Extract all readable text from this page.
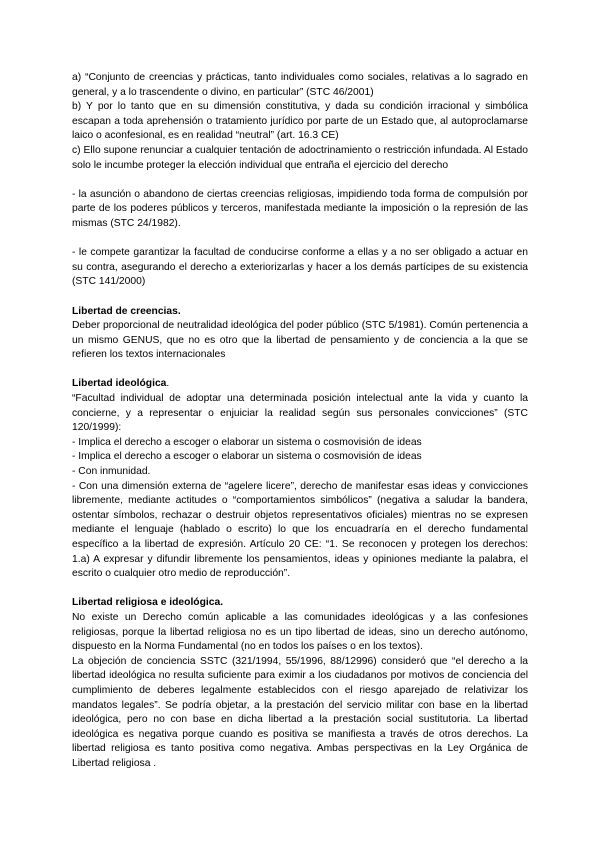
a) “Conjunto de creencias y prácticas, tanto individuales como sociales, relativas a lo sagrado en general, y a lo trascendente o divino, en particular” (STC 46/2001)

b) Y por lo tanto que en su dimensión constitutiva, y dada su condición irracional y simbólica escapan a toda aprehensión o tratamiento jurídico por parte de un Estado que, al autoproclamarse laico o aconfesional, es en realidad “neutral” (art. 16.3 CE)

c) Ello supone renunciar a cualquier tentación de adoctrinamiento o restricción infundada. Al Estado solo le incumbe proteger la elección individual que entraña el ejercicio del derecho

- la asunción o abandono de ciertas creencias religiosas, impidiendo toda forma de compulsión por parte de los poderes públicos y terceros, manifestada mediante la imposición o la represión de las mismas (STC 24/1982).

- le compete garantizar la facultad de conducirse conforme a ellas y a no ser obligado a actuar en su contra, asegurando el derecho a exteriorizarlas y hacer a los demás partícipes de su existencia (STC 141/2000)

Libertad de creencias.

Deber proporcional de neutralidad ideológica del poder público (STC 5/1981). Común pertenencia a un mismo GENUS, que no es otro que la libertad de pensamiento y de conciencia a la que se refieren los textos internacionales

Libertad ideológica.

“Facultad individual de adoptar una determinada posición intelectual ante la vida y cuanto la concierne, y a representar o enjuiciar la realidad según sus personales convicciones” (STC 120/1999):

- Implica el derecho a escoger o elaborar un sistema o cosmovisión de ideas

- Implica el derecho a escoger o elaborar un sistema o cosmovisión de ideas

- Con inmunidad.

- Con una dimensión externa de “agelere licere”, derecho de manifestar esas ideas y convicciones libremente, mediante actitudes o “comportamientos simbólicos” (negativa a saludar la bandera, ostentar símbolos, rechazar o destruir objetos representativos oficiales) mientras no se expresen mediante el lenguaje (hablado o escrito) lo que los encuadraría en el derecho fundamental específico a la libertad de expresión. Artículo 20 CE: “1. Se reconocen y protegen los derechos: 1.a) A expresar y difundir libremente los pensamientos, ideas y opiniones mediante la palabra, el escrito o cualquier otro medio de reproducción”.

Libertad religiosa e ideológica.

No existe un Derecho común aplicable a las comunidades ideológicas y a las confesiones religiosas, porque la libertad religiosa no es un tipo libertad de ideas, sino un derecho autónomo, dispuesto en la Norma Fundamental (no en todos los países o en los textos).

La objeción de conciencia SSTC (321/1994, 55/1996, 88/12996) consideró que “el derecho a la libertad ideológica no resulta suficiente para eximir a los ciudadanos por motivos de conciencia del cumplimiento de deberes legalmente establecidos con el riesgo aparejado de relativizar los mandatos legales”. Se podría objetar, a la prestación del servicio militar con base en la libertad ideológica, pero no con base en dicha libertad a la prestación social sustitutoria. La libertad ideológica es negativa porque cuando es positiva se manifiesta a través de otros derechos. La libertad religiosa es tanto positiva como negativa. Ambas perspectivas en la Ley Orgánica de Libertad religiosa .
